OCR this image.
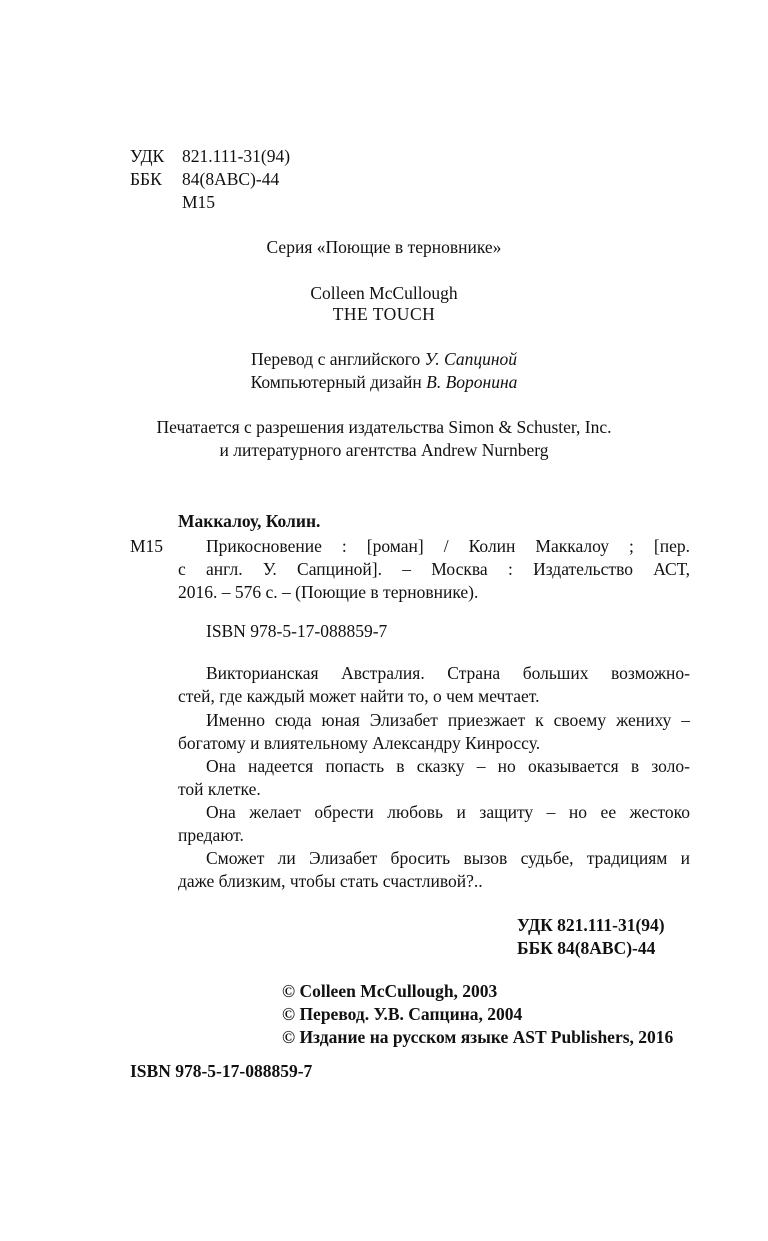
УДК 821.111-31(94)
ББК 84(8АВС)-44
М15
Серия «Поющие в терновнике»
Colleen McCullough
THE TOUCH
Перевод с английского У. Сапциной
Компьютерный дизайн В. Воронина
Печатается с разрешения издательства Simon & Schuster, Inc.
и литературного агентства Andrew Nurnberg
Маккалоу, Колин.
М15 Прикосновение : [роман] / Колин Маккалоу ; [пер.
с англ. У. Сапциной]. – Москва : Издательство АСТ,
2016. – 576 с. – (Поющие в терновнике).
ISBN 978-5-17-088859-7
Викторианская Австралия. Страна больших возможно-
стей, где каждый может найти то, о чем мечтает.
Именно сюда юная Элизабет приезжает к своему жениху –
богатому и влиятельному Александру Кинроссу.
Она надеется попасть в сказку – но оказывается в золо-
той клетке.
Она желает обрести любовь и защиту – но ее жестоко
предают.
Сможет ли Элизабет бросить вызов судьбе, традициям и
даже близким, чтобы стать счастливой?..
УДК 821.111-31(94)
ББК 84(8АВС)-44
© Colleen McCullough, 2003
© Перевод. У.В. Сапцина, 2004
© Издание на русском языке AST Publishers, 2016
ISBN 978-5-17-088859-7
